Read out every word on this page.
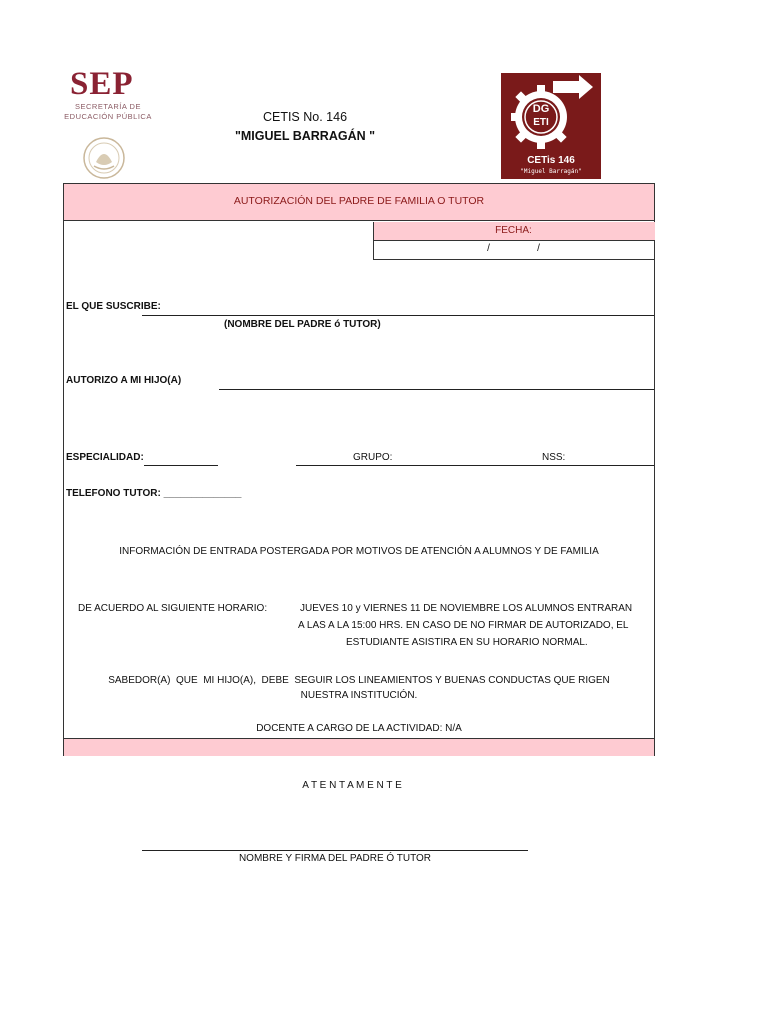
SEP
SECRETARÍA DE
EDUCACIÓN PÚBLICA	CETIS No. 146
"MIGUEL BARRAGÁN "
DG
ETI
CETis 146
"Miguel Barragán"
AUTORIZACIÓN DEL PADRE DE FAMILIA O TUTOR
FECHA:
/                 /
EL QUE SUSCRIBE:
(NOMBRE DEL PADRE ó TUTOR)
AUTORIZO A MI HIJO(A)
ESPECIALIDAD:	GRUPO:	NSS:
TELEFONO TUTOR: ______________
INFORMACIÓN DE ENTRADA POSTERGADA POR MOTIVOS DE ATENCIÓN A ALUMNOS Y DE FAMILIA
DE ACUERDO AL SIGUIENTE HORARIO:	JUEVES 10 y VIERNES 11 DE NOVIEMBRE LOS ALUMNOS ENTRARAN
A LAS A LA 15:00 HRS. EN CASO DE NO FIRMAR DE AUTORIZADO, EL
ESTUDIANTE ASISTIRA EN SU HORARIO NORMAL.
SABEDOR(A)  QUE  MI HIJO(A),  DEBE  SEGUIR LOS LINEAMIENTOS Y BUENAS CONDUCTAS QUE RIGEN
NUESTRA INSTITUCIÓN.
DOCENTE A CARGO DE LA ACTIVIDAD: N/A
A T E N T A M E N T E
NOMBRE Y FIRMA DEL PADRE Ó TUTOR
